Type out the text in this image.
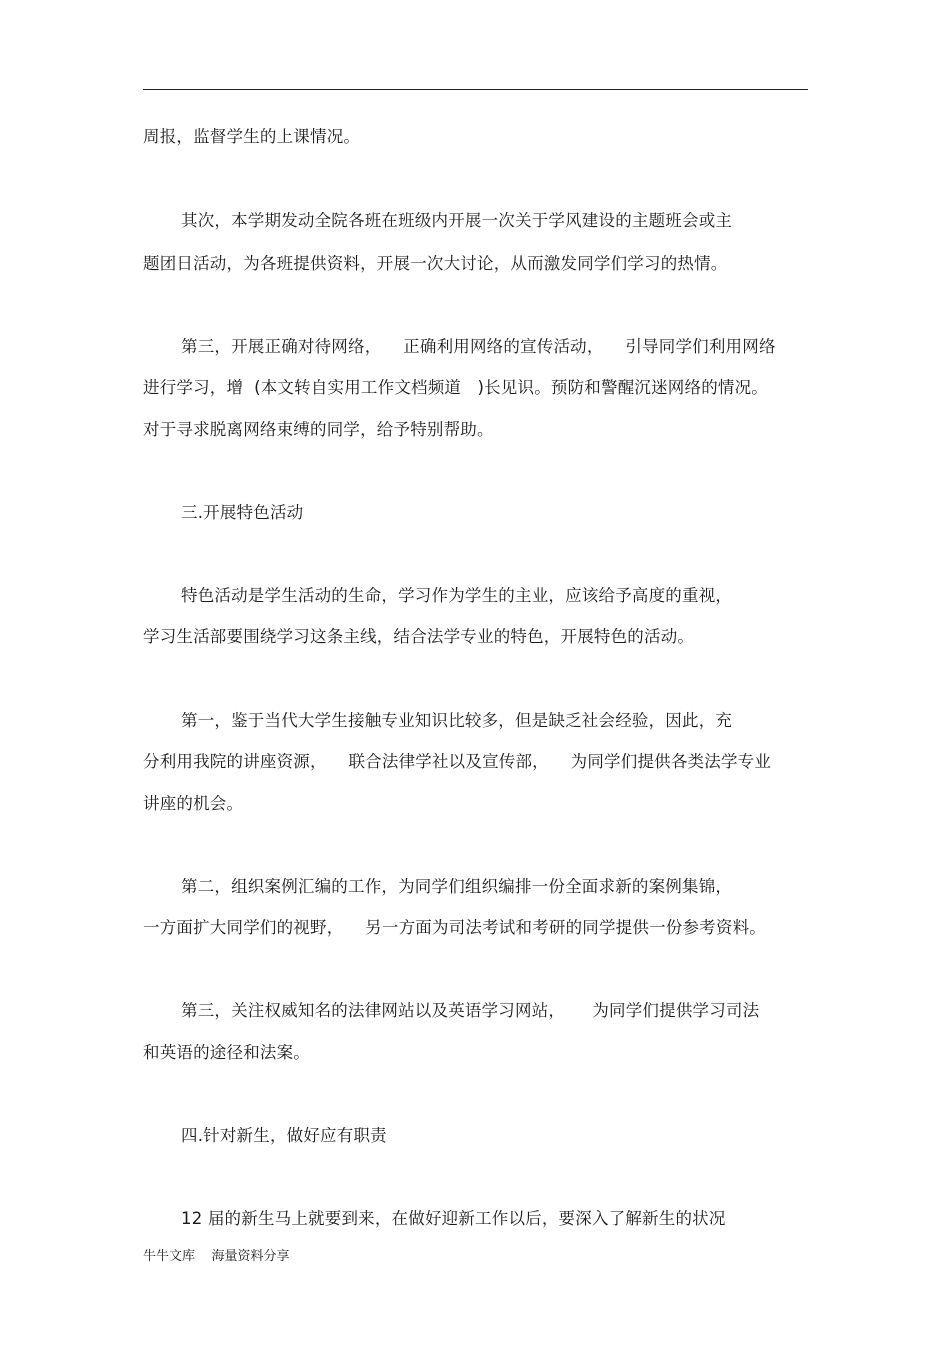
周报，监督学生的上课情况。
其次，本学期发动全院各班在班级内开展一次关于学风建设的主题班会或主
题团日活动，为各班提供资料，开展一次大讨论，从而激发同学们学习的热情。
第三，开展正确对待网络，    正确利用网络的宣传活动，    引导同学们利用网络
进行学习，增  (本文转自实用工作文档频道   )长见识。预防和警醒沉迷网络的情况。
对于寻求脱离网络束缚的同学，给予特别帮助。
三.开展特色活动
特色活动是学生活动的生命，学习作为学生的主业，应该给予高度的重视，
学习生活部要围绕学习这条主线，结合法学专业的特色，开展特色的活动。
第一，鉴于当代大学生接触专业知识比较多，但是缺乏社会经验，因此，充
分利用我院的讲座资源，    联合法律学社以及宣传部，    为同学们提供各类法学专业
讲座的机会。
第二，组织案例汇编的工作，为同学们组织编排一份全面求新的案例集锦，
一方面扩大同学们的视野，    另一方面为司法考试和考研的同学提供一份参考资料。
第三，关注权威知名的法律网站以及英语学习网站，     为同学们提供学习司法
和英语的途径和法案。
四.针对新生，做好应有职责
12 届的新生马上就要到来，在做好迎新工作以后，要深入了解新生的状况
牛牛文库    海量资料分享
